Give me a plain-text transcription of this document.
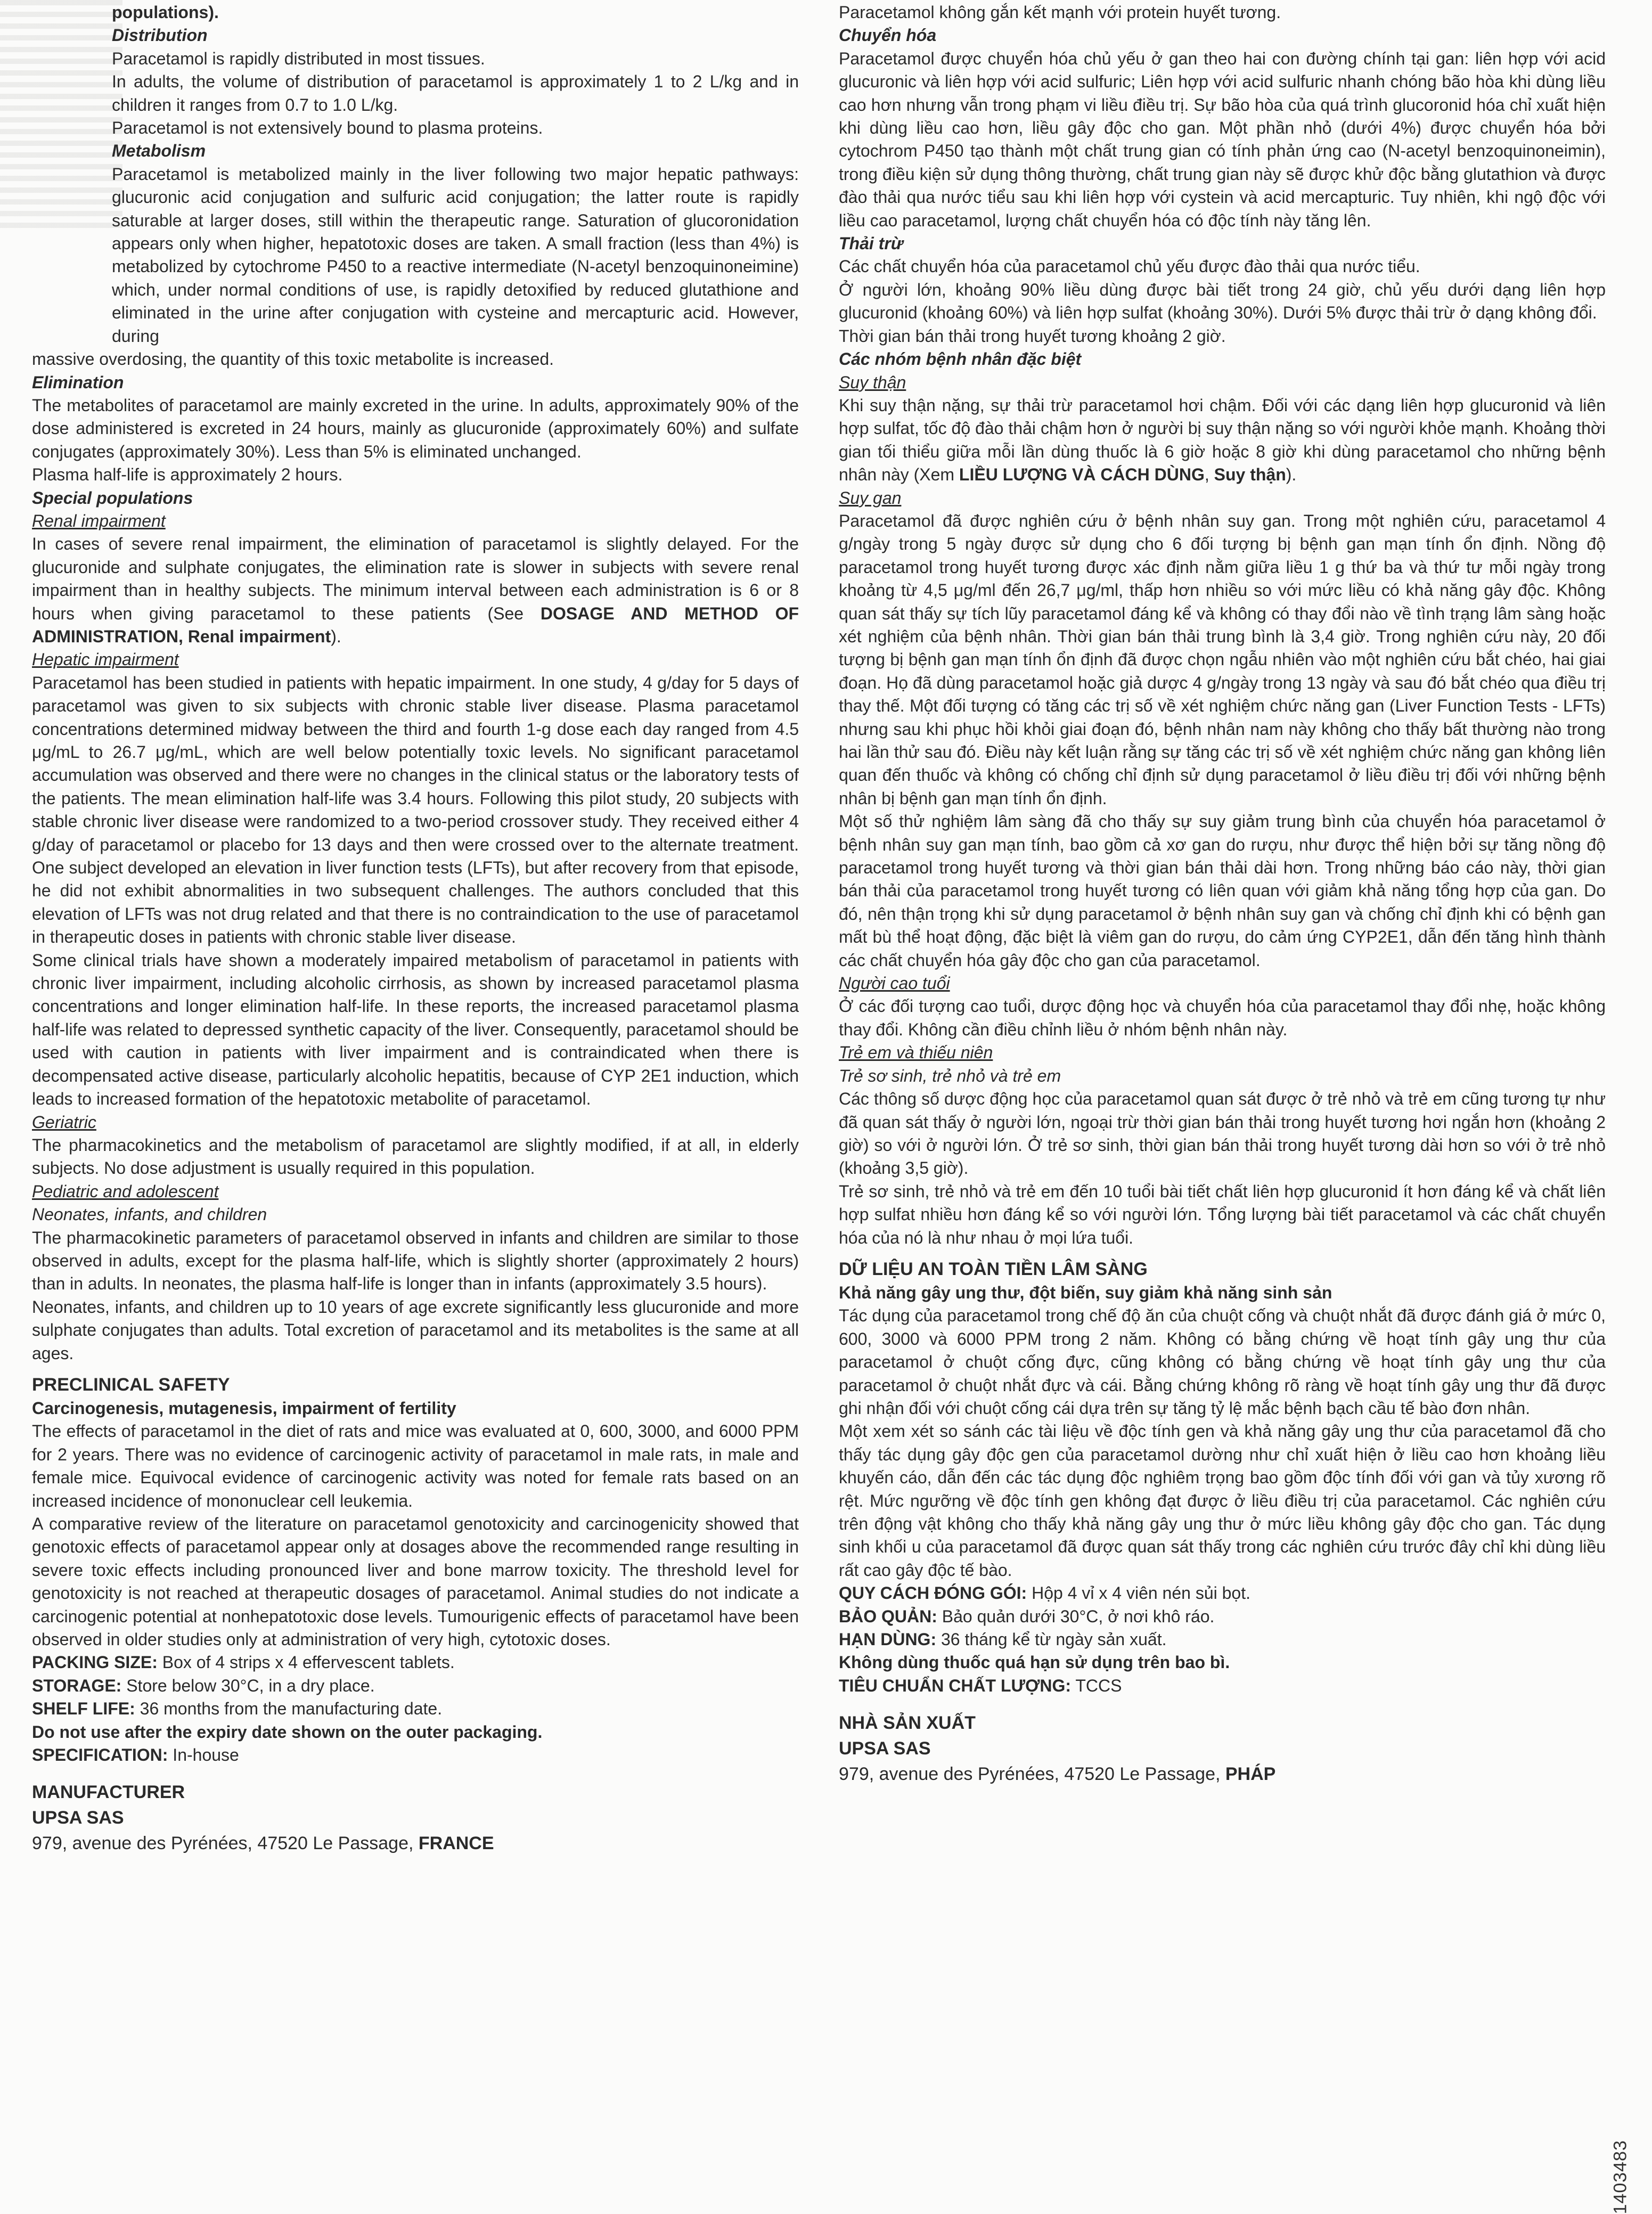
populations).
Distribution

Paracetamol is rapidly distributed in most tissues.

In adults, the volume of distribution of paracetamol is approximately 1 to 2 L/kg and in children it ranges from 0.7 to 1.0 L/kg.

Paracetamol is not extensively bound to plasma proteins.

Metabolism

Paracetamol is metabolized mainly in the liver following two major hepatic pathways: glucuronic acid conjugation and sulfuric acid conjugation; the latter route is rapidly saturable at larger doses, still within the therapeutic range. Saturation of glucoronidation appears only when higher, hepatotoxic doses are taken. A small fraction (less than 4%) is metabolized by cytochrome P450 to a reactive intermediate (N-acetyl benzoquinoneimine) which, under normal conditions of use, is rapidly detoxified by reduced glutathione and eliminated in the urine after conjugation with cysteine and mercapturic acid. However, during

massive overdosing, the quantity of this toxic metabolite is increased.

Elimination

The metabolites of paracetamol are mainly excreted in the urine. In adults, approximately 90% of the dose administered is excreted in 24 hours, mainly as glucuronide (approximately 60%) and sulfate conjugates (approximately 30%). Less than 5% is eliminated unchanged.

Plasma half-life is approximately 2 hours.

Special populations
Renal impairment

In cases of severe renal impairment, the elimination of paracetamol is slightly delayed. For the glucuronide and sulphate conjugates, the elimination rate is slower in subjects with severe renal impairment than in healthy subjects. The minimum interval between each administration is 6 or 8 hours when giving paracetamol to these patients (See DOSAGE AND METHOD OF ADMINISTRATION, Renal impairment).

Hepatic impairment

Paracetamol has been studied in patients with hepatic impairment. In one study, 4 g/day for 5 days of paracetamol was given to six subjects with chronic stable liver disease. Plasma paracetamol concentrations determined midway between the third and fourth 1-g dose each day ranged from 4.5 μg/mL to 26.7 μg/mL, which are well below potentially toxic levels. No significant paracetamol accumulation was observed and there were no changes in the clinical status or the laboratory tests of the patients. The mean elimination half-life was 3.4 hours. Following this pilot study, 20 subjects with stable chronic liver disease were randomized to a two-period crossover study. They received either 4 g/day of paracetamol or placebo for 13 days and then were crossed over to the alternate treatment. One subject developed an elevation in liver function tests (LFTs), but after recovery from that episode, he did not exhibit abnormalities in two subsequent challenges. The authors concluded that this elevation of LFTs was not drug related and that there is no contraindication to the use of paracetamol in therapeutic doses in patients with chronic stable liver disease.

Some clinical trials have shown a moderately impaired metabolism of paracetamol in patients with chronic liver impairment, including alcoholic cirrhosis, as shown by increased paracetamol plasma concentrations and longer elimination half-life. In these reports, the increased paracetamol plasma half-life was related to depressed synthetic capacity of the liver. Consequently, paracetamol should be used with caution in patients with liver impairment and is contraindicated when there is decompensated active disease, particularly alcoholic hepatitis, because of CYP 2E1 induction, which leads to increased formation of the hepatotoxic metabolite of paracetamol.

Geriatric

The pharmacokinetics and the metabolism of paracetamol are slightly modified, if at all, in elderly subjects. No dose adjustment is usually required in this population.

Pediatric and adolescent
Neonates, infants, and children

The pharmacokinetic parameters of paracetamol observed in infants and children are similar to those observed in adults, except for the plasma half-life, which is slightly shorter (approximately 2 hours) than in adults. In neonates, the plasma half-life is longer than in infants (approximately 3.5 hours).

Neonates, infants, and children up to 10 years of age excrete significantly less glucuronide and more sulphate conjugates than adults. Total excretion of paracetamol and its metabolites is the same at all ages.

PRECLINICAL SAFETY
Carcinogenesis, mutagenesis, impairment of fertility

The effects of paracetamol in the diet of rats and mice was evaluated at 0, 600, 3000, and 6000 PPM for 2 years. There was no evidence of carcinogenic activity of paracetamol in male rats, in male and female mice. Equivocal evidence of carcinogenic activity was noted for female rats based on an increased incidence of mononuclear cell leukemia.

A comparative review of the literature on paracetamol genotoxicity and carcinogenicity showed that genotoxic effects of paracetamol appear only at dosages above the recommended range resulting in severe toxic effects including pronounced liver and bone marrow toxicity. The threshold level for genotoxicity is not reached at therapeutic dosages of paracetamol. Animal studies do not indicate a carcinogenic potential at nonhepatotoxic dose levels. Tumourigenic effects of paracetamol have been observed in older studies only at administration of very high, cytotoxic doses.

PACKING SIZE: Box of 4 strips x 4 effervescent tablets.
STORAGE: Store below 30°C, in a dry place.
SHELF LIFE: 36 months from the manufacturing date.
Do not use after the expiry date shown on the outer packaging.
SPECIFICATION: In-house
MANUFACTURER
UPSA SAS
979, avenue des Pyrénées, 47520 Le Passage, FRANCE

Paracetamol không gắn kết mạnh với protein huyết tương.

Chuyển hóa

Paracetamol được chuyển hóa chủ yếu ở gan theo hai con đường chính tại gan: liên hợp với acid glucuronic và liên hợp với acid sulfuric; Liên hợp với acid sulfuric nhanh chóng bão hòa khi dùng liều cao hơn nhưng vẫn trong phạm vi liều điều trị. Sự bão hòa của quá trình glucoronid hóa chỉ xuất hiện khi dùng liều cao hơn, liều gây độc cho gan. Một phần nhỏ (dưới 4%) được chuyển hóa bởi cytochrom P450 tạo thành một chất trung gian có tính phản ứng cao (N-acetyl benzoquinoneimin), trong điều kiện sử dụng thông thường, chất trung gian này sẽ được khử độc bằng glutathion và được đào thải qua nước tiểu sau khi liên hợp với cystein và acid mercapturic. Tuy nhiên, khi ngộ độc với liều cao paracetamol, lượng chất chuyển hóa có độc tính này tăng lên.

Thải trừ

Các chất chuyển hóa của paracetamol chủ yếu được đào thải qua nước tiểu.

Ở người lớn, khoảng 90% liều dùng được bài tiết trong 24 giờ, chủ yếu dưới dạng liên hợp glucuronid (khoảng 60%) và liên hợp sulfat (khoảng 30%). Dưới 5% được thải trừ ở dạng không đổi.

Thời gian bán thải trong huyết tương khoảng 2 giờ.

Các nhóm bệnh nhân đặc biệt
Suy thận

Khi suy thận nặng, sự thải trừ paracetamol hơi chậm. Đối với các dạng liên hợp glucuronid và liên hợp sulfat, tốc độ đào thải chậm hơn ở người bị suy thận nặng so với người khỏe mạnh. Khoảng thời gian tối thiểu giữa mỗi lần dùng thuốc là 6 giờ hoặc 8 giờ khi dùng paracetamol cho những bệnh nhân này (Xem LIỀU LƯỢNG VÀ CÁCH DÙNG, Suy thận).

Suy gan

Paracetamol đã được nghiên cứu ở bệnh nhân suy gan. Trong một nghiên cứu, paracetamol 4 g/ngày trong 5 ngày được sử dụng cho 6 đối tượng bị bệnh gan mạn tính ổn định. Nồng độ paracetamol trong huyết tương được xác định nằm giữa liều 1 g thứ ba và thứ tư mỗi ngày trong khoảng từ 4,5 μg/ml đến 26,7 μg/ml, thấp hơn nhiều so với mức liều có khả năng gây độc. Không quan sát thấy sự tích lũy paracetamol đáng kể và không có thay đổi nào về tình trạng lâm sàng hoặc xét nghiệm của bệnh nhân. Thời gian bán thải trung bình là 3,4 giờ. Trong nghiên cứu này, 20 đối tượng bị bệnh gan mạn tính ổn định đã được chọn ngẫu nhiên vào một nghiên cứu bắt chéo, hai giai đoạn. Họ đã dùng paracetamol hoặc giả dược 4 g/ngày trong 13 ngày và sau đó bắt chéo qua điều trị thay thế. Một đối tượng có tăng các trị số về xét nghiệm chức năng gan (Liver Function Tests - LFTs) nhưng sau khi phục hồi khỏi giai đoạn đó, bệnh nhân nam này không cho thấy bất thường nào trong hai lần thử sau đó. Điều này kết luận rằng sự tăng các trị số về xét nghiệm chức năng gan không liên quan đến thuốc và không có chống chỉ định sử dụng paracetamol ở liều điều trị đối với những bệnh nhân bị bệnh gan mạn tính ổn định.

Một số thử nghiệm lâm sàng đã cho thấy sự suy giảm trung bình của chuyển hóa paracetamol ở bệnh nhân suy gan mạn tính, bao gồm cả xơ gan do rượu, như được thể hiện bởi sự tăng nồng độ paracetamol trong huyết tương và thời gian bán thải dài hơn. Trong những báo cáo này, thời gian bán thải của paracetamol trong huyết tương có liên quan với giảm khả năng tổng hợp của gan. Do đó, nên thận trọng khi sử dụng paracetamol ở bệnh nhân suy gan và chống chỉ định khi có bệnh gan mất bù thể hoạt động, đặc biệt là viêm gan do rượu, do cảm ứng CYP2E1, dẫn đến tăng hình thành các chất chuyển hóa gây độc cho gan của paracetamol.

Người cao tuổi

Ở các đối tượng cao tuổi, dược động học và chuyển hóa của paracetamol thay đổi nhẹ, hoặc không thay đổi. Không cần điều chỉnh liều ở nhóm bệnh nhân này.

Trẻ em và thiếu niên
Trẻ sơ sinh, trẻ nhỏ và trẻ em

Các thông số dược động học của paracetamol quan sát được ở trẻ nhỏ và trẻ em cũng tương tự như đã quan sát thấy ở người lớn, ngoại trừ thời gian bán thải trong huyết tương hơi ngắn hơn (khoảng 2 giờ) so với ở người lớn. Ở trẻ sơ sinh, thời gian bán thải trong huyết tương dài hơn so với ở trẻ nhỏ (khoảng 3,5 giờ).

Trẻ sơ sinh, trẻ nhỏ và trẻ em đến 10 tuổi bài tiết chất liên hợp glucuronid ít hơn đáng kể và chất liên hợp sulfat nhiều hơn đáng kể so với người lớn. Tổng lượng bài tiết paracetamol và các chất chuyển hóa của nó là như nhau ở mọi lứa tuổi.

DỮ LIỆU AN TOÀN TIỀN LÂM SÀNG
Khả năng gây ung thư, đột biến, suy giảm khả năng sinh sản

Tác dụng của paracetamol trong chế độ ăn của chuột cống và chuột nhắt đã được đánh giá ở mức 0, 600, 3000 và 6000 PPM trong 2 năm. Không có bằng chứng về hoạt tính gây ung thư của paracetamol ở chuột cống đực, cũng không có bằng chứng về hoạt tính gây ung thư của paracetamol ở chuột nhắt đực và cái. Bằng chứng không rõ ràng về hoạt tính gây ung thư đã được ghi nhận đối với chuột cống cái dựa trên sự tăng tỷ lệ mắc bệnh bạch cầu tế bào đơn nhân.

Một xem xét so sánh các tài liệu về độc tính gen và khả năng gây ung thư của paracetamol đã cho thấy tác dụng gây độc gen của paracetamol dường như chỉ xuất hiện ở liều cao hơn khoảng liều khuyến cáo, dẫn đến các tác dụng độc nghiêm trọng bao gồm độc tính đối với gan và tủy xương rõ rệt. Mức ngưỡng về độc tính gen không đạt được ở liều điều trị của paracetamol. Các nghiên cứu trên động vật không cho thấy khả năng gây ung thư ở mức liều không gây độc cho gan. Tác dụng sinh khối u của paracetamol đã được quan sát thấy trong các nghiên cứu trước đây chỉ khi dùng liều rất cao gây độc tế bào.

QUY CÁCH ĐÓNG GÓI: Hộp 4 vỉ x 4 viên nén sủi bọt.
BẢO QUẢN: Bảo quản dưới 30°C, ở nơi khô ráo.
HẠN DÙNG: 36 tháng kể từ ngày sản xuất.
Không dùng thuốc quá hạn sử dụng trên bao bì.
TIÊU CHUẨN CHẤT LƯỢNG: TCCS
NHÀ SẢN XUẤT
UPSA SAS
979, avenue des Pyrénées, 47520 Le Passage, PHÁP
1403483
